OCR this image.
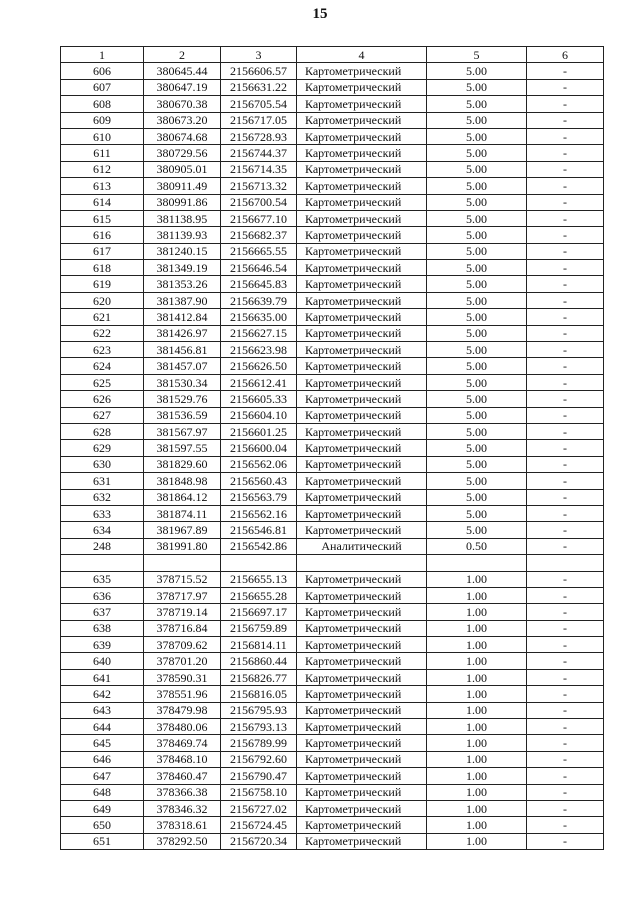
15
1	2	3	4	5	6
606	380645.44	2156606.57	Картометрический	5.00	-
607	380647.19	2156631.22	Картометрический	5.00	-
608	380670.38	2156705.54	Картометрический	5.00	-
609	380673.20	2156717.05	Картометрический	5.00	-
610	380674.68	2156728.93	Картометрический	5.00	-
611	380729.56	2156744.37	Картометрический	5.00	-
612	380905.01	2156714.35	Картометрический	5.00	-
613	380911.49	2156713.32	Картометрический	5.00	-
614	380991.86	2156700.54	Картометрический	5.00	-
615	381138.95	2156677.10	Картометрический	5.00	-
616	381139.93	2156682.37	Картометрический	5.00	-
617	381240.15	2156665.55	Картометрический	5.00	-
618	381349.19	2156646.54	Картометрический	5.00	-
619	381353.26	2156645.83	Картометрический	5.00	-
620	381387.90	2156639.79	Картометрический	5.00	-
621	381412.84	2156635.00	Картометрический	5.00	-
622	381426.97	2156627.15	Картометрический	5.00	-
623	381456.81	2156623.98	Картометрический	5.00	-
624	381457.07	2156626.50	Картометрический	5.00	-
625	381530.34	2156612.41	Картометрический	5.00	-
626	381529.76	2156605.33	Картометрический	5.00	-
627	381536.59	2156604.10	Картометрический	5.00	-
628	381567.97	2156601.25	Картометрический	5.00	-
629	381597.55	2156600.04	Картометрический	5.00	-
630	381829.60	2156562.06	Картометрический	5.00	-
631	381848.98	2156560.43	Картометрический	5.00	-
632	381864.12	2156563.79	Картометрический	5.00	-
633	381874.11	2156562.16	Картометрический	5.00	-
634	381967.89	2156546.81	Картометрический	5.00	-
248	381991.80	2156542.86	Аналитический	0.50	-

635	378715.52	2156655.13	Картометрический	1.00	-
636	378717.97	2156655.28	Картометрический	1.00	-
637	378719.14	2156697.17	Картометрический	1.00	-
638	378716.84	2156759.89	Картометрический	1.00	-
639	378709.62	2156814.11	Картометрический	1.00	-
640	378701.20	2156860.44	Картометрический	1.00	-
641	378590.31	2156826.77	Картометрический	1.00	-
642	378551.96	2156816.05	Картометрический	1.00	-
643	378479.98	2156795.93	Картометрический	1.00	-
644	378480.06	2156793.13	Картометрический	1.00	-
645	378469.74	2156789.99	Картометрический	1.00	-
646	378468.10	2156792.60	Картометрический	1.00	-
647	378460.47	2156790.47	Картометрический	1.00	-
648	378366.38	2156758.10	Картометрический	1.00	-
649	378346.32	2156727.02	Картометрический	1.00	-
650	378318.61	2156724.45	Картометрический	1.00	-
651	378292.50	2156720.34	Картометрический	1.00	-
